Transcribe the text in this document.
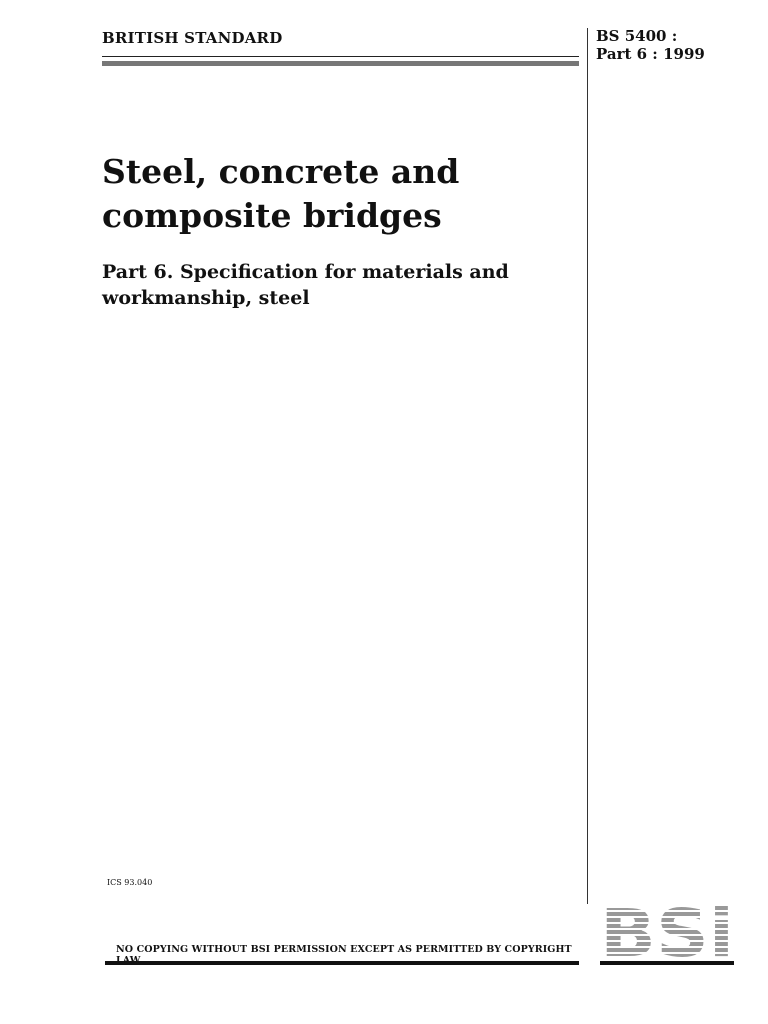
BRITISH STANDARD	BS 5400 :
Part 6 : 1999
Steel, concrete and
composite bridges
Part 6. Specification for materials and
workmanship, steel
ICS 93.040
NO COPYING WITHOUT BSI PERMISSION EXCEPT AS PERMITTED BY COPYRIGHT
